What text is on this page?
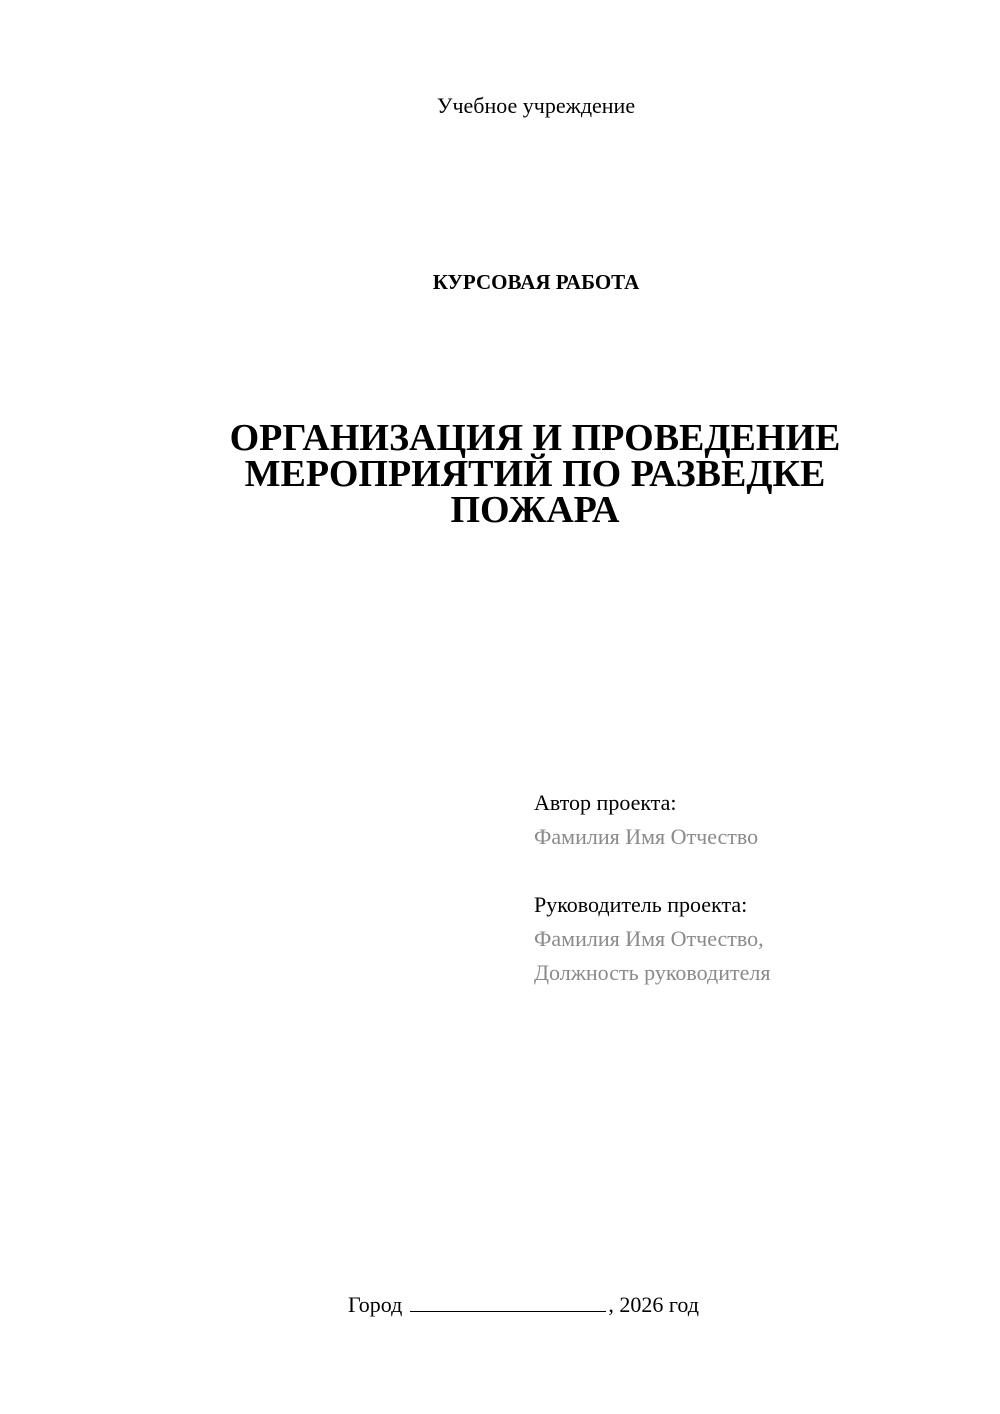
Учебное учреждение
КУРСОВАЯ РАБОТА
ОРГАНИЗАЦИЯ И ПРОВЕДЕНИЕ
МЕРОПРИЯТИЙ ПО РАЗВЕДКЕ
ПОЖАРА
Автор проекта:
Фамилия Имя Отчество
Руководитель проекта:
Фамилия Имя Отчество,
Должность руководителя
Город	, 2026 год
